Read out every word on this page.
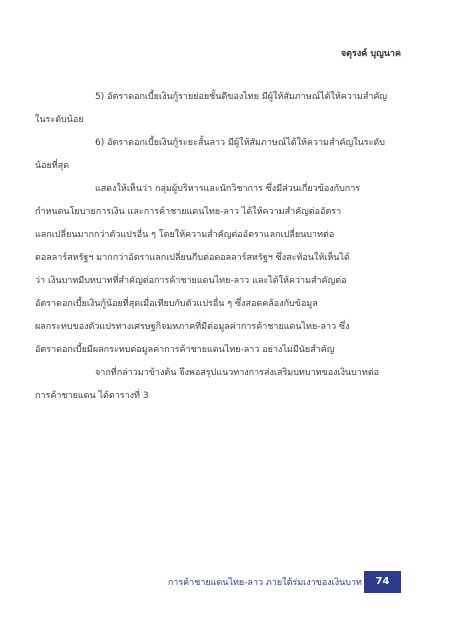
จตุรงค์ บุญนาค
5) อัตราดอกเบี้ยเงินกู้รายย่อยชั้นดีของไทย มีผู้ให้สัมภาษณ์ได้ให้ความสำคัญ
ในระดับน้อย
6) อัตราดอกเบี้ยเงินกู้ระยะสั้นลาว มีผู้ให้สัมภาษณ์ได้ให้ความสำคัญในระดับ
น้อยที่สุด
แสดงให้เห็นว่า กลุ่มผู้บริหารและนักวิชาการ ซึ่งมีส่วนเกี่ยวข้องกับการ
กำหนดนโยบายการเงิน และการค้าชายแดนไทย-ลาว ได้ให้ความสำคัญต่ออัตรา
แลกเปลี่ยนมากกว่าตัวแปรอื่น ๆ โดยให้ความสำคัญต่ออัตราแลกเปลี่ยนบาทต่อ
ดอลลาร์สหรัฐฯ มากกว่าอัตราแลกเปลี่ยนกีบต่อดอลลาร์สหรัฐฯ ซึ่งสะท้อนให้เห็นได้
ว่า เงินบาทมีบทบาทที่สำคัญต่อการค้าชายแดนไทย-ลาว และได้ให้ความสำคัญต่อ
อัตราดอกเบี้ยเงินกู้น้อยที่สุดเมื่อเทียบกับตัวแปรอื่น ๆ ซึ่งสอดคล้องกับข้อมูล
ผลกระทบของตัวแปรทางเศรษฐกิจมหภาคที่มีต่อมูลค่าการค้าชายแดนไทย-ลาว ซึ่ง
อัตราดอกเบี้ยมีผลกระทบต่อมูลค่าการค้าชายแดนไทย-ลาว อย่างไม่มีนัยสำคัญ
จากที่กล่าวมาข้างต้น จึงพอสรุปแนวทางการส่งเสริมบทบาทของเงินบาทต่อ
การค้าชายแดน ได้ตารางที่ 3
การค้าชายแดนไทย-ลาว ภายใต้ร่มเงาของเงินบาท	74
